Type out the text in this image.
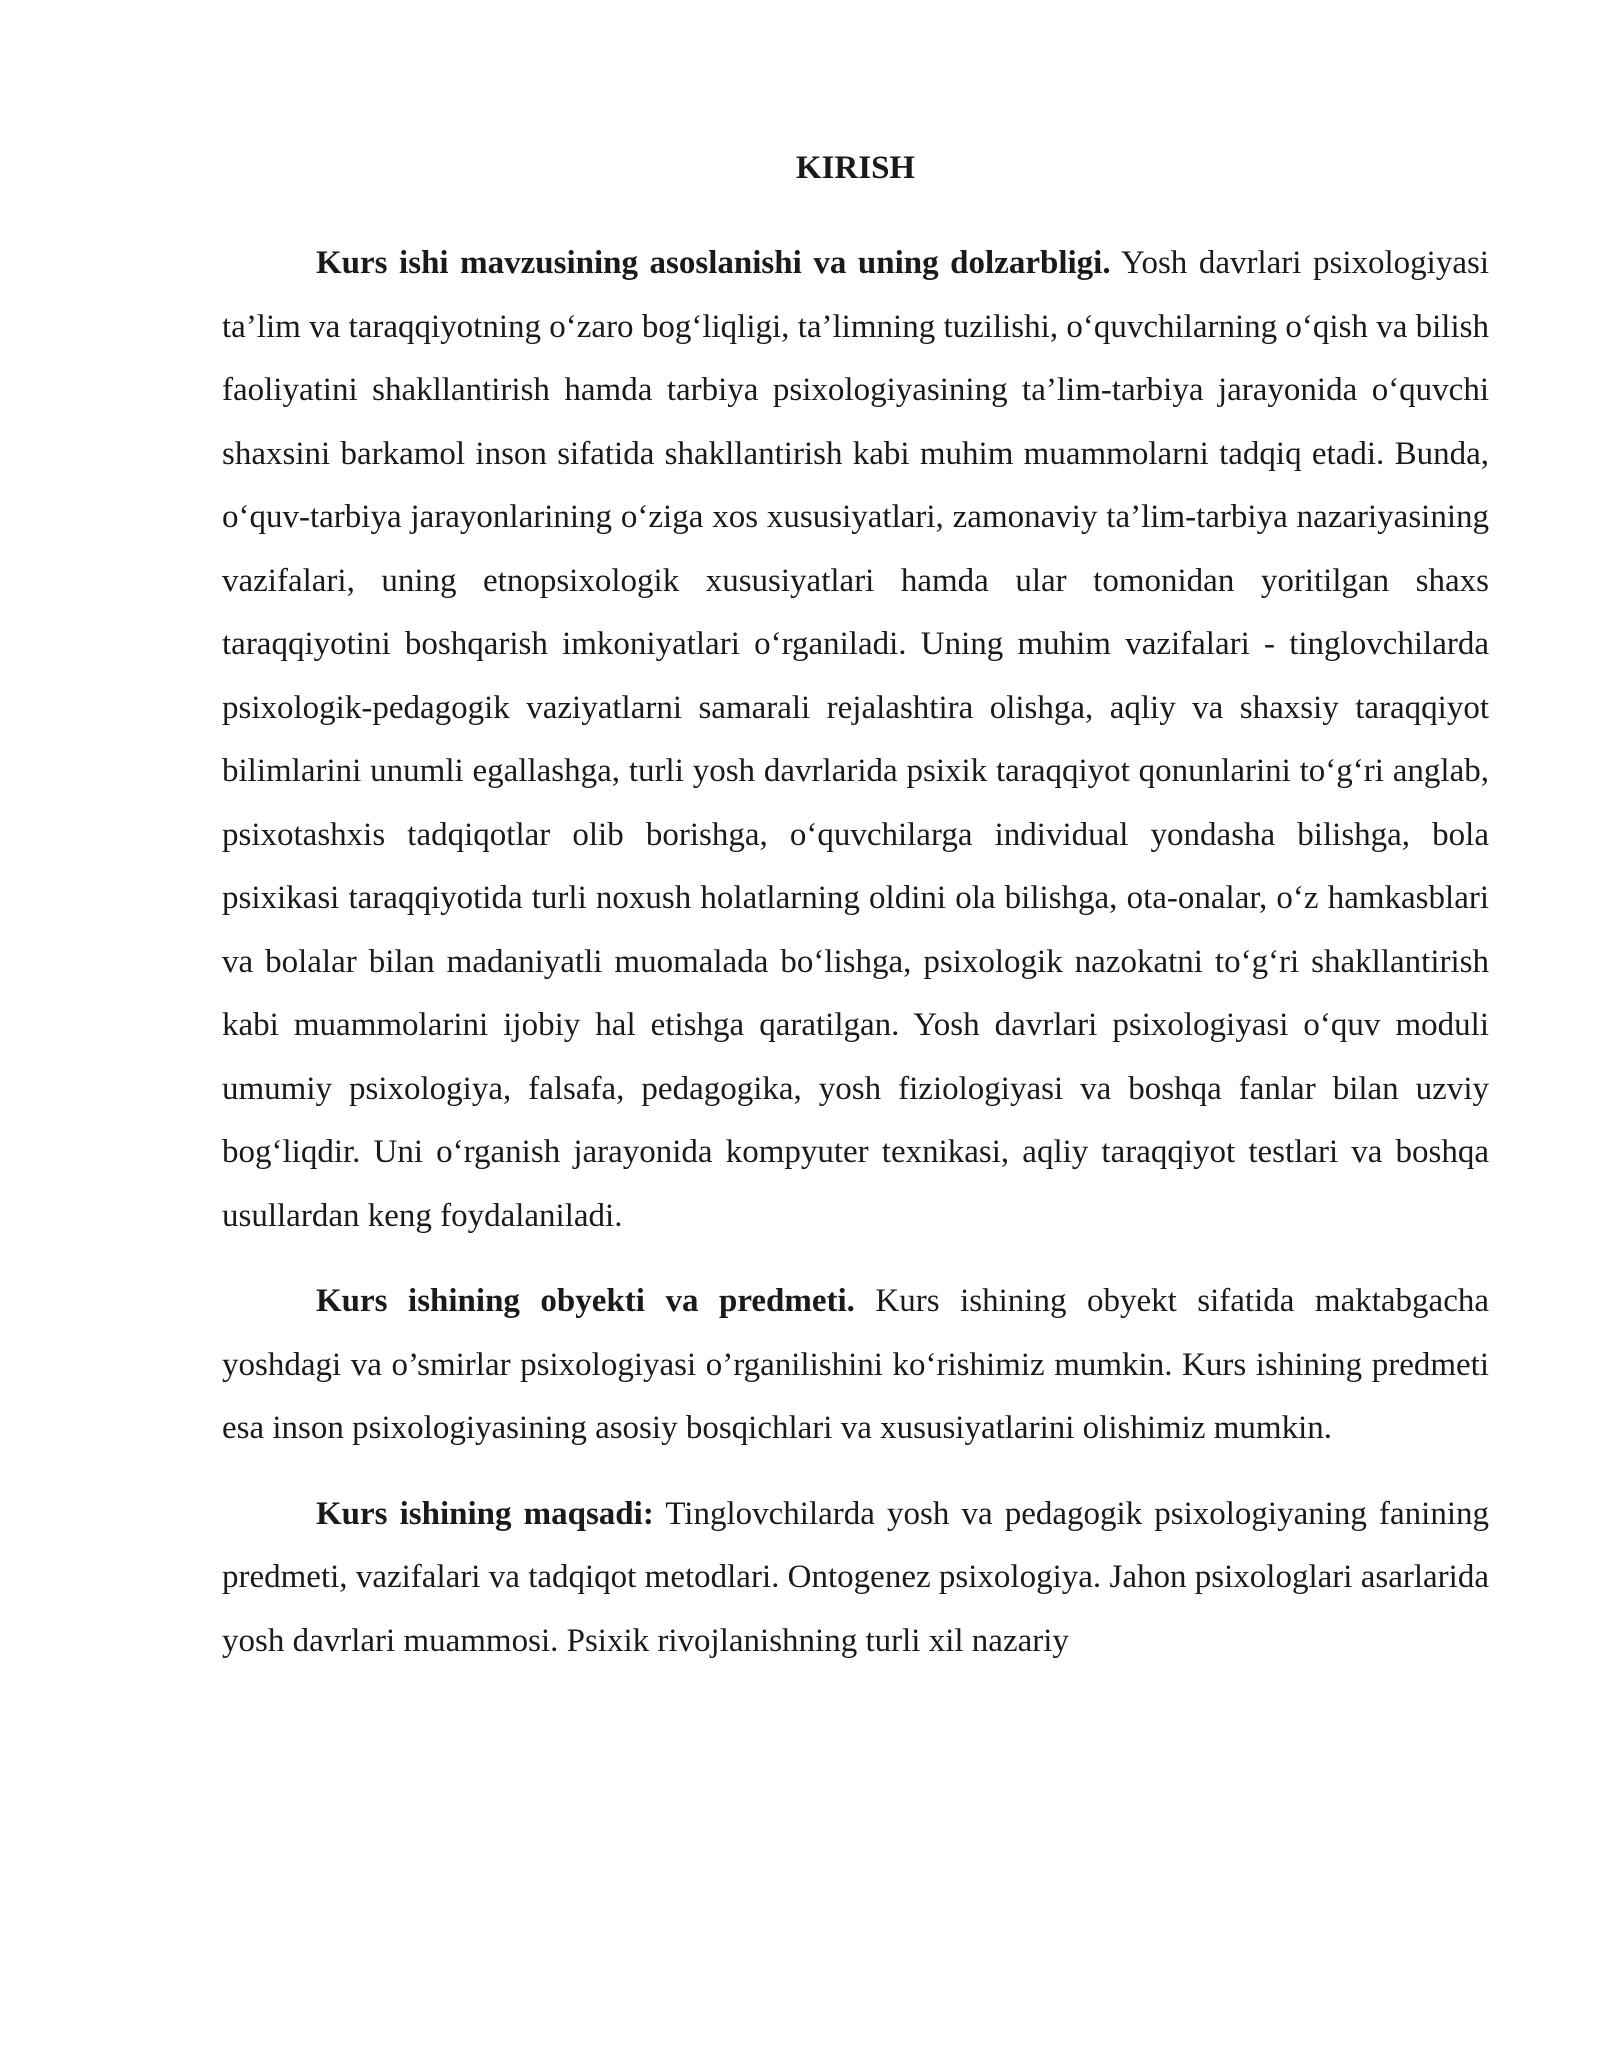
KIRISH

Kurs ishi mavzusining asoslanishi va uning dolzarbligi. Yosh davrlari psixologiyasi ta’lim va taraqqiyotning o‘zaro bog‘liqligi, ta’limning tuzilishi, o‘quvchilarning o‘qish va bilish faoliyatini shakllantirish hamda tarbiya psixologiyasining ta’lim-tarbiya jarayonida o‘quvchi shaxsini barkamol inson sifatida shakllantirish kabi muhim muammolarni tadqiq etadi. Bunda, o‘quv-tarbiya jarayonlarining o‘ziga xos xususiyatlari, zamonaviy ta’lim-tarbiya nazariyasining vazifalari, uning etnopsixologik xususiyatlari hamda ular tomonidan yoritilgan shaxs taraqqiyotini boshqarish imkoniyatlari o‘rganiladi. Uning muhim vazifalari - tinglovchilarda psixologik-pedagogik vaziyatlarni samarali rejalashtira olishga, aqliy va shaxsiy taraqqiyot bilimlarini unumli egallashga, turli yosh davrlarida psixik taraqqiyot qonunlarini to‘g‘ri anglab, psixotashxis tadqiqotlar olib borishga, o‘quvchilarga individual yondasha bilishga, bola psixikasi taraqqiyotida turli noxush holatlarning oldini ola bilishga, ota-onalar, o‘z hamkasblari va bolalar bilan madaniyatli muomalada bo‘lishga, psixologik nazokatni to‘g‘ri shakllantirish kabi muammolarini ijobiy hal etishga qaratilgan. Yosh davrlari psixologiyasi o‘quv moduli umumiy psixologiya, falsafa, pedagogika, yosh fiziologiyasi va boshqa fanlar bilan uzviy bog‘liqdir. Uni o‘rganish jarayonida kompyuter texnikasi, aqliy taraqqiyot testlari va boshqa usullardan keng foydalaniladi.

Kurs ishining obyekti va predmeti. Kurs ishining obyekt sifatida maktabgacha yoshdagi va o’smirlar psixologiyasi o’rganilishini ko‘rishimiz mumkin. Kurs ishining predmeti esa inson psixologiyasining asosiy bosqichlari va xususiyatlarini olishimiz mumkin.

Kurs ishining maqsadi: Tinglovchilarda yosh va pedagogik psixologiyaning fanining predmeti, vazifalari va tadqiqot metodlari. Ontogenez psixologiya. Jahon psixologlari asarlarida yosh davrlari muammosi. Psixik rivojlanishning turli xil nazariy
